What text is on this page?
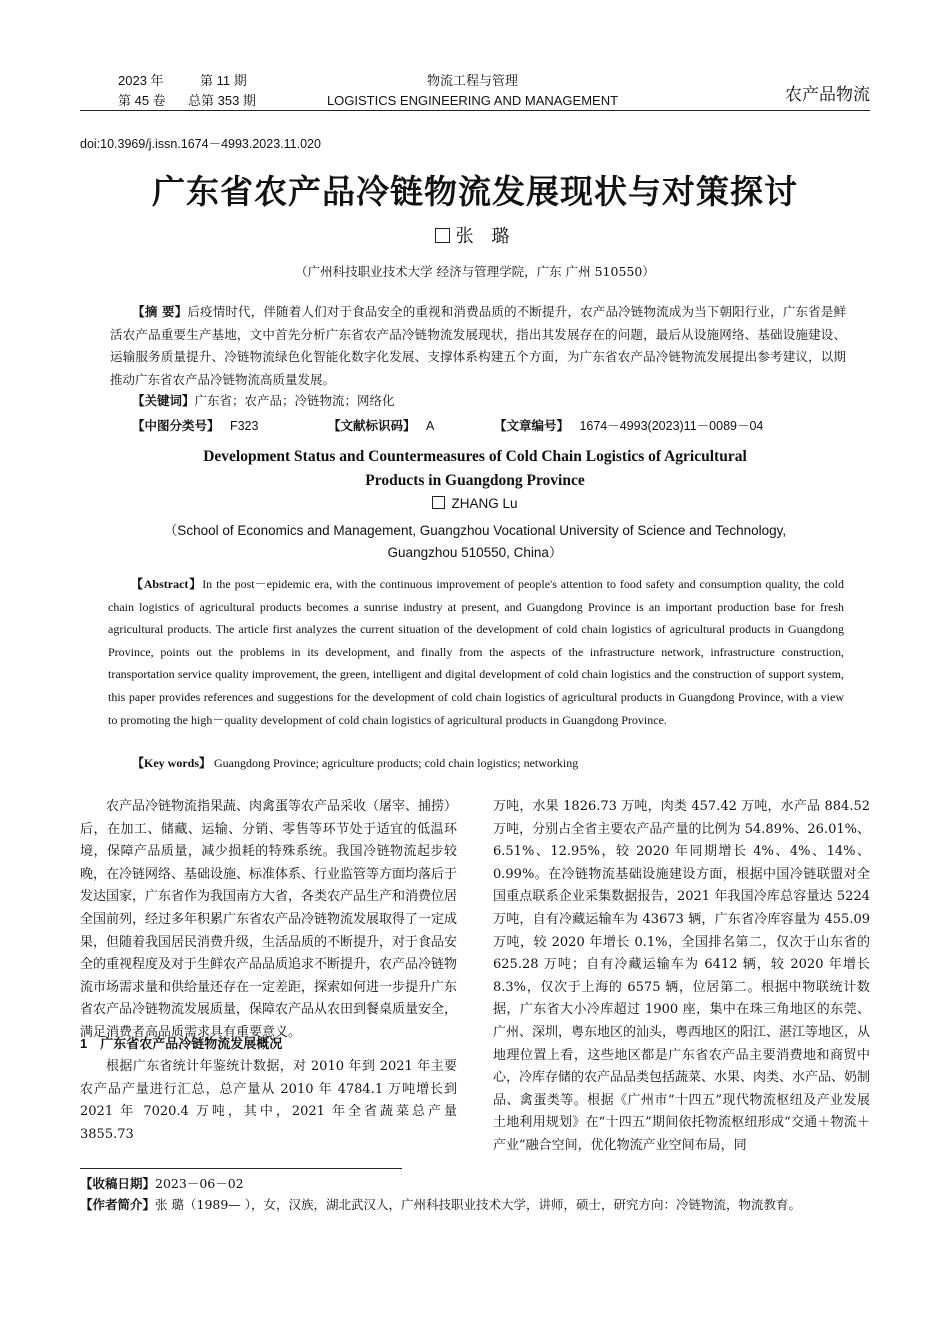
2023 年	第 11 期
第 45 卷 总第 353 期
物流工程与管理
LOGISTICS ENGINEERING AND MANAGEMENT	农产品物流
doi:10.3969/j.issn.1674－4993.2023.11.020
广东省农产品冷链物流发展现状与对策探讨
张 璐
（广州科技职业技术大学 经济与管理学院，广东 广州 510550）
【摘 要】后疫情时代，伴随着人们对于食品安全的重视和消费品质的不断提升，农产品冷链物流成为当下朝阳行业，广东省是鲜活农产品重要生产基地，文中首先分析广东省农产品冷链物流发展现状，指出其发展存在的问题，最后从设施网络、基础设施建设、运输服务质量提升、冷链物流绿色化智能化数字化发展、支撑体系构建五个方面，为广东省农产品冷链物流发展提出参考建议，以期推动广东省农产品冷链物流高质量发展。
【关键词】广东省；农产品；冷链物流；网络化
【中图分类号】 F323	【文献标识码】 A	【文章编号】 1674－4993(2023)11－0089－04
Development Status and Countermeasures of Cold Chain Logistics of Agricultural
Products in Guangdong Province
ZHANG Lu
（School of Economics and Management, Guangzhou Vocational University of Science and Technology,
Guangzhou 510550, China）
【Abstract】In the post－epidemic era, with the continuous improvement of people's attention to food safety and consumption quality, the cold chain logistics of agricultural products becomes a sunrise industry at present, and Guangdong Province is an important production base for fresh agricultural products. The article first analyzes the current situation of the development of cold chain logistics of agricultural products in Guangdong Province, points out the problems in its development, and finally from the aspects of the infrastructure network, infrastructure construction, transportation service quality improvement, the green, intelligent and digital development of cold chain logistics and the construction of support system, this paper provides references and suggestions for the development of cold chain logistics of agricultural products in Guangdong Province, with a view to promoting the high－quality development of cold chain logistics of agricultural products in Guangdong Province.
【Key words】 Guangdong Province; agriculture products; cold chain logistics; networking

农产品冷链物流指果蔬、肉禽蛋等农产品采收（屠宰、捕捞）后，在加工、储藏、运输、分销、零售等环节处于适宜的低温环境，保障产品质量，减少损耗的特殊系统。我国冷链物流起步较晚，在冷链网络、基础设施、标准体系、行业监管等方面均落后于发达国家，广东省作为我国南方大省，各类农产品生产和消费位居全国前列，经过多年积累广东省农产品冷链物流发展取得了一定成果，但随着我国居民消费升级，生活品质的不断提升，对于食品安全的重视程度及对于生鲜农产品品质追求不断提升，农产品冷链物流市场需求量和供给量还存在一定差距，探索如何进一步提升广东省农产品冷链物流发展质量，保障农产品从农田到餐桌质量安全，满足消费者高品质需求具有重要意义。

1　广东省农产品冷链物流发展概况

根据广东省统计年鉴统计数据，对 2010 年到 2021 年主要农产品产量进行汇总，总产量从 2010 年 4784.1 万吨增长到 2021 年 7020.4 万吨，其中，2021 年全省蔬菜总产量 3855.73

万吨，水果 1826.73 万吨，肉类 457.42 万吨，水产品 884.52 万吨，分别占全省主要农产品产量的比例为 54.89%、26.01%、6.51%、12.95%，较 2020 年同期增长 4%、4%、14%、0.99%。在冷链物流基础设施建设方面，根据中国冷链联盟对全国重点联系企业采集数据报告，2021 年我国冷库总容量达 5224 万吨，自有冷藏运输车为 43673 辆，广东省冷库容量为 455.09 万吨，较 2020 年增长 0.1%，全国排名第二，仅次于山东省的 625.28 万吨；自有冷藏运输车为 6412 辆，较 2020 年增长 8.3%，仅次于上海的 6575 辆，位居第二。根据中物联统计数据，广东省大小冷库超过 1900 座，集中在珠三角地区的东莞、广州、深圳，粤东地区的汕头，粤西地区的阳江、湛江等地区，从地理位置上看，这些地区都是广东省农产品主要消费地和商贸中心，冷库存储的农产品品类包括蔬菜、水果、肉类、水产品、奶制品、禽蛋类等。根据《广州市“十四五”现代物流枢纽及产业发展土地利用规划》在“十四五”期间依托物流枢纽形成“交通＋物流＋产业”融合空间，优化物流产业空间布局，同

【收稿日期】2023－06－02
【作者简介】张 璐（1989— ），女，汉族，湖北武汉人，广州科技职业技术大学，讲师，硕士，研究方向：冷链物流，物流教育。
